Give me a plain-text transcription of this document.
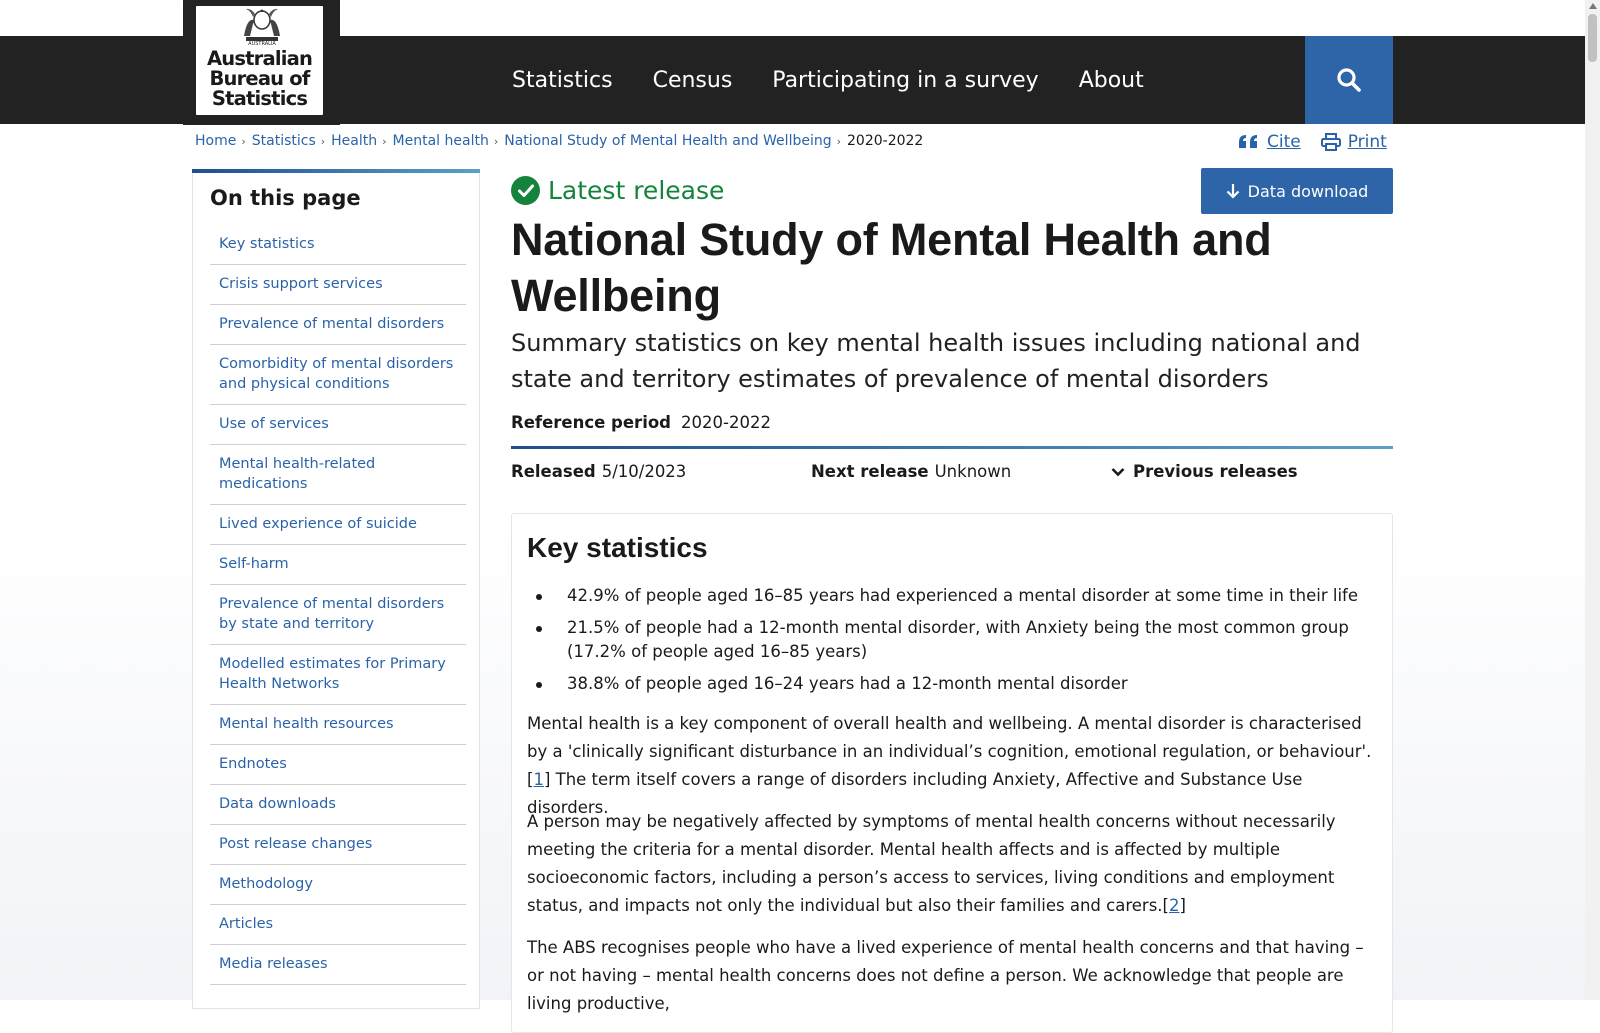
AUSTRALIA
Australian
Bureau of
Statistics
Statistics Census Participating in a survey About
Home › Statistics › Health › Mental health › National Study of Mental Health and Wellbeing › 2020-2022	Cite	Print
On this page
Key statistics
Crisis support services
Prevalence of mental disorders
Comorbidity of mental disorders and physical conditions
Use of services
Mental health-related medications
Lived experience of suicide
Self-harm
Prevalence of mental disorders by state and territory
Modelled estimates for Primary Health Networks
Mental health resources
Endnotes
Data downloads
Post release changes
Methodology
Articles
Media releases
Latest release	Data download
National Study of Mental Health and Wellbeing

Summary statistics on key mental health issues including national and state and territory estimates of prevalence of mental disorders

Reference period 2020-2022
Released 5/10/2023	Next release Unknown	Previous releases
Key statistics
42.9% of people aged 16–85 years had experienced a mental disorder at some time in their life
21.5% of people had a 12-month mental disorder, with Anxiety being the most common group (17.2% of people aged 16–85 years)
38.8% of people aged 16–24 years had a 12-month mental disorder

Mental health is a key component of overall health and wellbeing. A mental disorder is characterised by a 'clinically significant disturbance in an individual’s cognition, emotional regulation, or behaviour'.[1] The term itself covers a range of disorders including Anxiety, Affective and Substance Use disorders.

A person may be negatively affected by symptoms of mental health concerns without necessarily meeting the criteria for a mental disorder. Mental health affects and is affected by multiple socioeconomic factors, including a person’s access to services, living conditions and employment status, and impacts not only the individual but also their families and carers.[2]

The ABS recognises people who have a lived experience of mental health concerns and that having – or not having – mental health concerns does not define a person. We acknowledge that people are living productive,
